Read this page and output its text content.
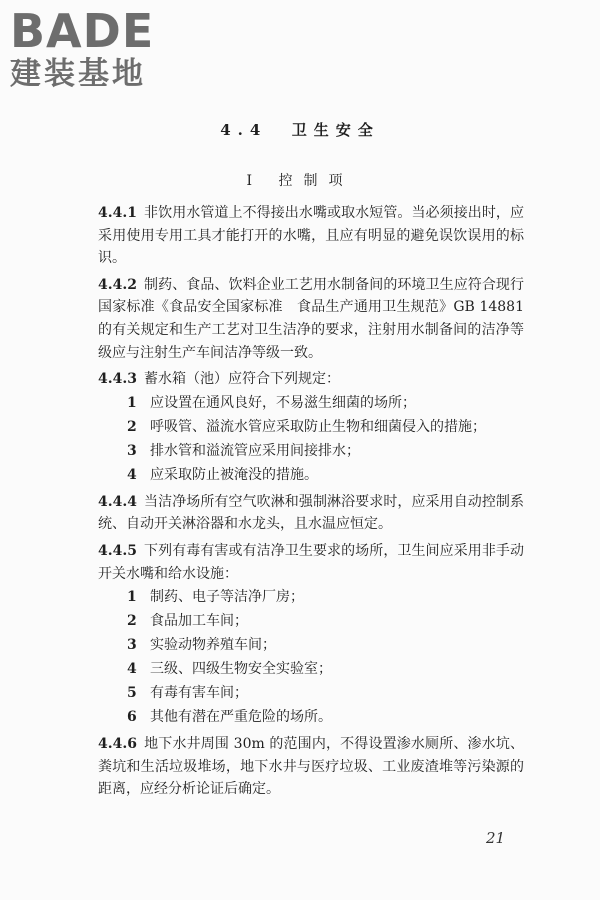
BADE
建装基地
4.4 卫生安全
I 控制项
4.4.1 非饮用水管道上不得接出水嘴或取水短管。当必须接出时，应采用使用专用工具才能打开的水嘴，且应有明显的避免误饮误用的标识。
4.4.2 制药、食品、饮料企业工艺用水制备间的环境卫生应符合现行国家标准《食品安全国家标准　食品生产通用卫生规范》GB 14881 的有关规定和生产工艺对卫生洁净的要求，注射用水制备间的洁净等级应与注射生产车间洁净等级一致。
4.4.3 蓄水箱（池）应符合下列规定：
1 应设置在通风良好，不易滋生细菌的场所；
2 呼吸管、溢流水管应采取防止生物和细菌侵入的措施；
3 排水管和溢流管应采用间接排水；
4 应采取防止被淹没的措施。
4.4.4 当洁净场所有空气吹淋和强制淋浴要求时，应采用自动控制系统、自动开关淋浴器和水龙头，且水温应恒定。
4.4.5 下列有毒有害或有洁净卫生要求的场所，卫生间应采用非手动开关水嘴和给水设施：
1 制药、电子等洁净厂房；
2 食品加工车间；
3 实验动物养殖车间；
4 三级、四级生物安全实验室；
5 有毒有害车间；
6 其他有潜在严重危险的场所。
4.4.6 地下水井周围 30m 的范围内，不得设置渗水厕所、渗水坑、粪坑和生活垃圾堆场，地下水井与医疗垃圾、工业废渣堆等污染源的距离，应经分析论证后确定。
21
